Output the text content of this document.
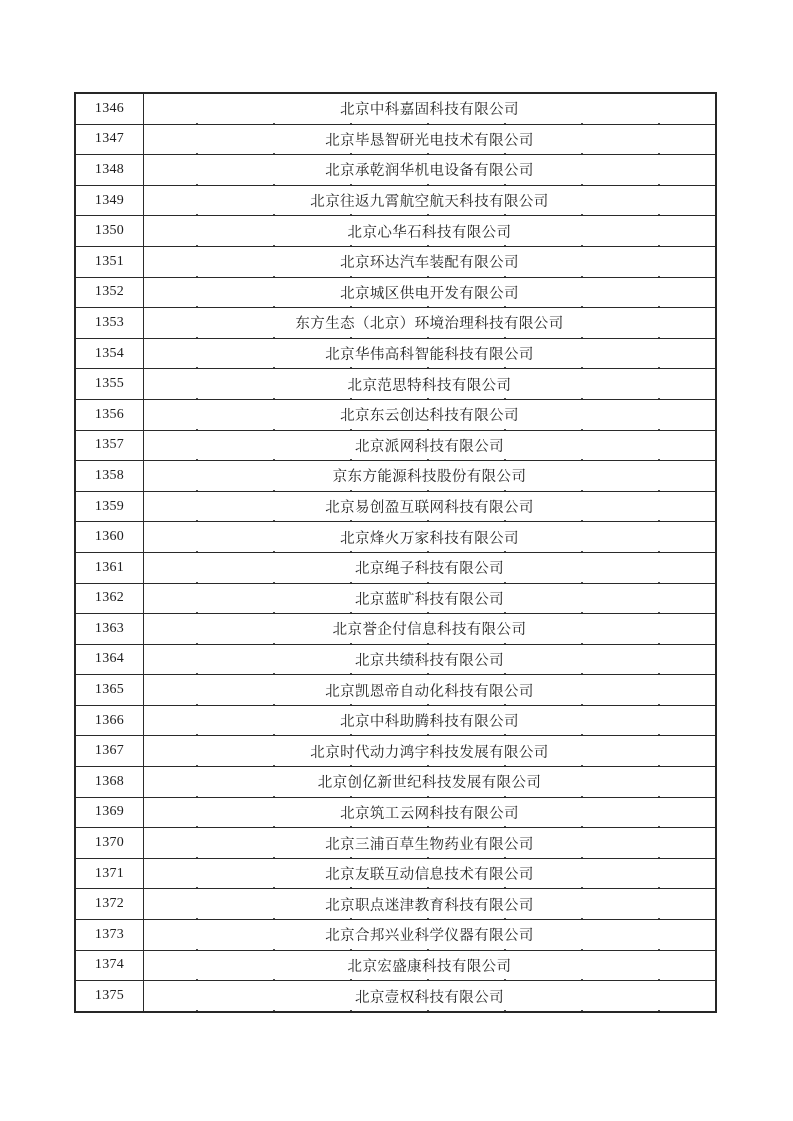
1346	北京中科嘉固科技有限公司
1347	北京毕恳智研光电技术有限公司
1348	北京承乾润华机电设备有限公司
1349	北京往返九霄航空航天科技有限公司
1350	北京心华石科技有限公司
1351	北京环达汽车装配有限公司
1352	北京城区供电开发有限公司
1353	东方生态（北京）环境治理科技有限公司
1354	北京华伟高科智能科技有限公司
1355	北京范思特科技有限公司
1356	北京东云创达科技有限公司
1357	北京派网科技有限公司
1358	京东方能源科技股份有限公司
1359	北京易创盈互联网科技有限公司
1360	北京烽火万家科技有限公司
1361	北京绳子科技有限公司
1362	北京蓝旷科技有限公司
1363	北京誉企付信息科技有限公司
1364	北京共绩科技有限公司
1365	北京凯恩帝自动化科技有限公司
1366	北京中科助腾科技有限公司
1367	北京时代动力鸿宇科技发展有限公司
1368	北京创亿新世纪科技发展有限公司
1369	北京筑工云网科技有限公司
1370	北京三浦百草生物药业有限公司
1371	北京友联互动信息技术有限公司
1372	北京职点迷津教育科技有限公司
1373	北京合邦兴业科学仪器有限公司
1374	北京宏盛康科技有限公司
1375	北京壹权科技有限公司
